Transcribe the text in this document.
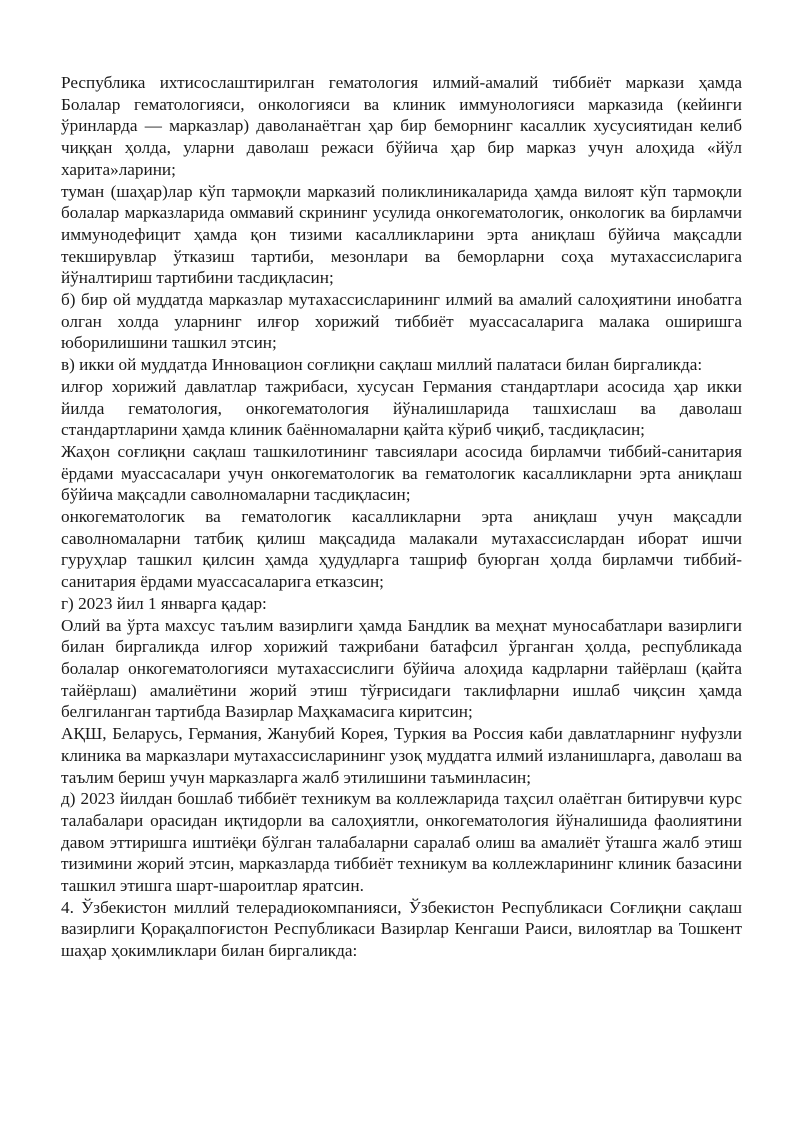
Республика ихтисослаштирилган гематология илмий-амалий тиббиёт маркази ҳамда Болалар гематологияси, онкологияси ва клиник иммунологияси марказида (кейинги ўринларда — марказлар) даволанаётган ҳар бир беморнинг касаллик хусусиятидан келиб чиққан ҳолда, уларни даволаш режаси бўйича ҳар бир марказ учун алоҳида «йўл харита»ларини;

туман (шаҳар)лар кўп тармоқли марказий поликлиникаларида ҳамда вилоят кўп тармоқли болалар марказларида оммавий скрининг усулида онкогематологик, онкологик ва бирламчи иммунодефицит ҳамда қон тизими касалликларини эрта аниқлаш бўйича мақсадли текширувлар ўтказиш тартиби, мезонлари ва беморларни соҳа мутахассисларига йўналтириш тартибини тасдиқласин;

б) бир ой муддатда марказлар мутахассисларининг илмий ва амалий салоҳиятини инобатга олган холда уларнинг илғор хорижий тиббиёт муассасаларига малака оширишга юборилишини ташкил этсин;

в) икки ой муддатда Инновацион соғлиқни сақлаш миллий палатаси билан биргаликда:

илғор хорижий давлатлар тажрибаси, хусусан Германия стандартлари асосида ҳар икки йилда гематология, онкогематология йўналишларида ташхислаш ва даволаш стандартларини ҳамда клиник баённомаларни қайта кўриб чиқиб, тасдиқласин;

Жаҳон соғлиқни сақлаш ташкилотининг тавсиялари асосида бирламчи тиббий-санитария ёрдами муассасалари учун онкогематологик ва гематологик касалликларни эрта аниқлаш бўйича мақсадли саволномаларни тасдиқласин;

онкогематологик ва гематологик касалликларни эрта аниқлаш учун мақсадли саволномаларни татбиқ қилиш мақсадида малакали мутахассислардан иборат ишчи гуруҳлар ташкил қилсин ҳамда ҳудудларга ташриф буюрган ҳолда бирламчи тиббий-санитария ёрдами муассасаларига етказсин;

г) 2023 йил 1 январга қадар:

Олий ва ўрта махсус таълим вазирлиги ҳамда Бандлик ва меҳнат муносабатлари вазирлиги билан биргаликда илғор хорижий тажрибани батафсил ўрганган ҳолда, республикада болалар онкогематологияси мутахассислиги бўйича алоҳида кадрларни тайёрлаш (қайта тайёрлаш) амалиётини жорий этиш тўғрисидаги таклифларни ишлаб чиқсин ҳамда белгиланган тартибда Вазирлар Маҳкамасига киритсин;

АҚШ, Беларусь, Германия, Жанубий Корея, Туркия ва Россия каби давлатларнинг нуфузли клиника ва марказлари мутахассисларининг узоқ муддатга илмий изланишларга, даволаш ва таълим бериш учун марказларга жалб этилишини таъминласин;

д) 2023 йилдан бошлаб тиббиёт техникум ва коллежларида таҳсил олаётган битирувчи курс талабалари орасидан иқтидорли ва салоҳиятли, онкогематология йўналишида фаолиятини давом эттиришга иштиёқи бўлган талабаларни саралаб олиш ва амалиёт ўташга жалб этиш тизимини жорий этсин, марказларда тиббиёт техникум ва коллежларининг клиник базасини ташкил этишга шарт-шароитлар яратсин.

4. Ўзбекистон миллий телерадиокомпанияси, Ўзбекистон Республикаси Соғлиқни сақлаш вазирлиги Қорақалпоғистон Республикаси Вазирлар Кенгаши Раиси, вилоятлар ва Тошкент шаҳар ҳокимликлари билан биргаликда:
